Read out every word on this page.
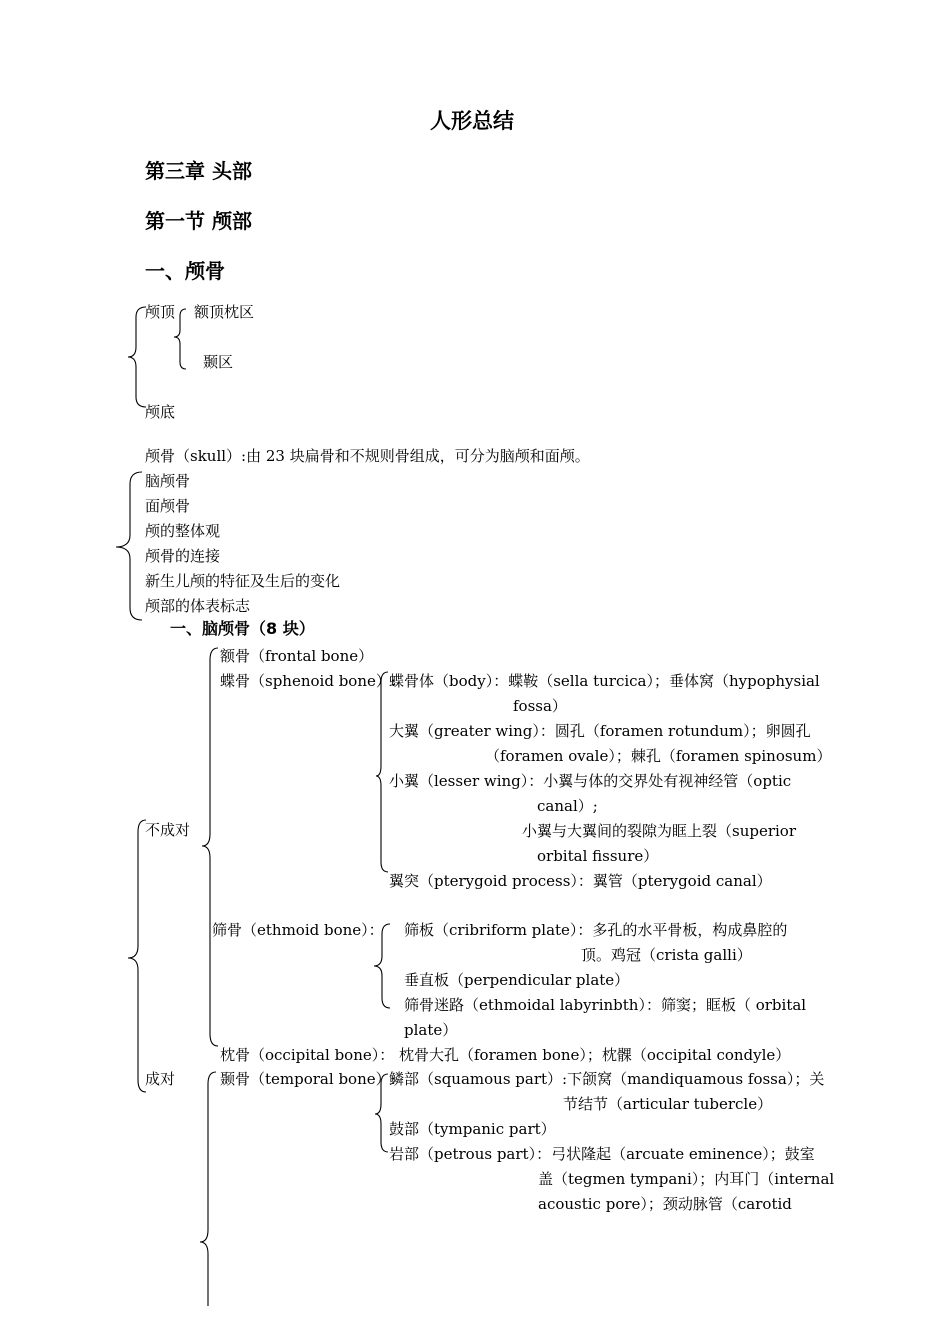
人形总结
第三章 头部
第一节 颅部
一、颅骨
颅顶 额顶枕区
颞区
颅底
颅骨（skull）:由 23 块扁骨和不规则骨组成，可分为脑颅和面颅。
脑颅骨
面颅骨
颅的整体观
颅骨的连接
新生儿颅的特征及生后的变化
颅部的体表标志
一、脑颅骨（8 块）
不成对
成对
额骨（frontal bone）
蝶骨（sphenoid bone）:
蝶骨体（body）：蝶鞍（sella turcica）；垂体窝（hypophysial
fossa）
大翼（greater wing）：圆孔（foramen rotundum）；卵圆孔
（foramen ovale）；棘孔（foramen spinosum）
小翼（lesser wing）：小翼与体的交界处有视神经管（optic
canal）;
小翼与大翼间的裂隙为眶上裂（superior
orbital fissure）
翼突（pterygoid process）：翼管（pterygoid canal）
筛骨（ethmoid bone）： 筛板（cribriform plate）：多孔的水平骨板，构成鼻腔的
顶。鸡冠（crista galli）
垂直板（perpendicular plate）
筛骨迷路（ethmoidal labyrinbth）：筛窦；眶板（ orbital
plate）
枕骨（occipital bone）： 枕骨大孔（foramen bone）；枕髁（occipital condyle）
颞骨（temporal bone）:
鳞部（squamous part）:下颌窝（mandiquamous fossa）；关
节结节（articular tubercle）
鼓部（tympanic part）
岩部（petrous part）：弓状隆起（arcuate eminence）；鼓室
盖（tegmen tympani）；内耳门（internal
acoustic pore）；颈动脉管（carotid
